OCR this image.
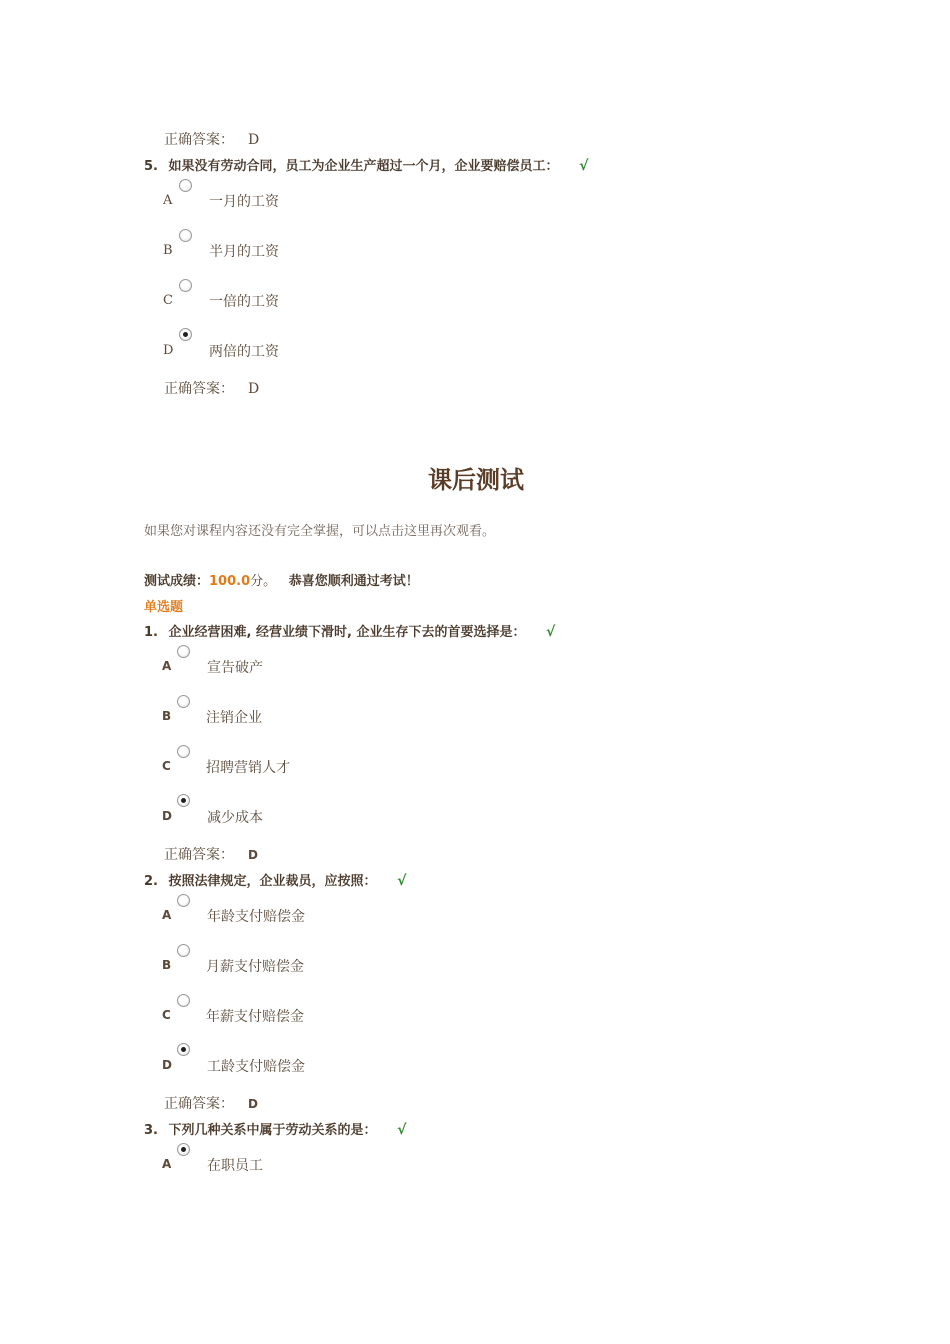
正确答案： D
5. 如果没有劳动合同，员工为企业生产超过一个月，企业要赔偿员工： √
A	一月的工资
B	半月的工资
C	一倍的工资
D	两倍的工资
正确答案： D
课后测试
如果您对课程内容还没有完全掌握，可以点击这里再次观看。
测试成绩：100.0分。 恭喜您顺利通过考试！
单选题
1. 企业经营困难, 经营业绩下滑时, 企业生存下去的首要选择是： √
A	宣告破产
B 注销企业
C	招聘营销人才
D	减少成本
正确答案： D
2. 按照法律规定，企业裁员，应按照： √
A	年龄支付赔偿金
B 月薪支付赔偿金
C	年薪支付赔偿金
D	工龄支付赔偿金
正确答案： D
3. 下列几种关系中属于劳动关系的是： √
A	在职员工
